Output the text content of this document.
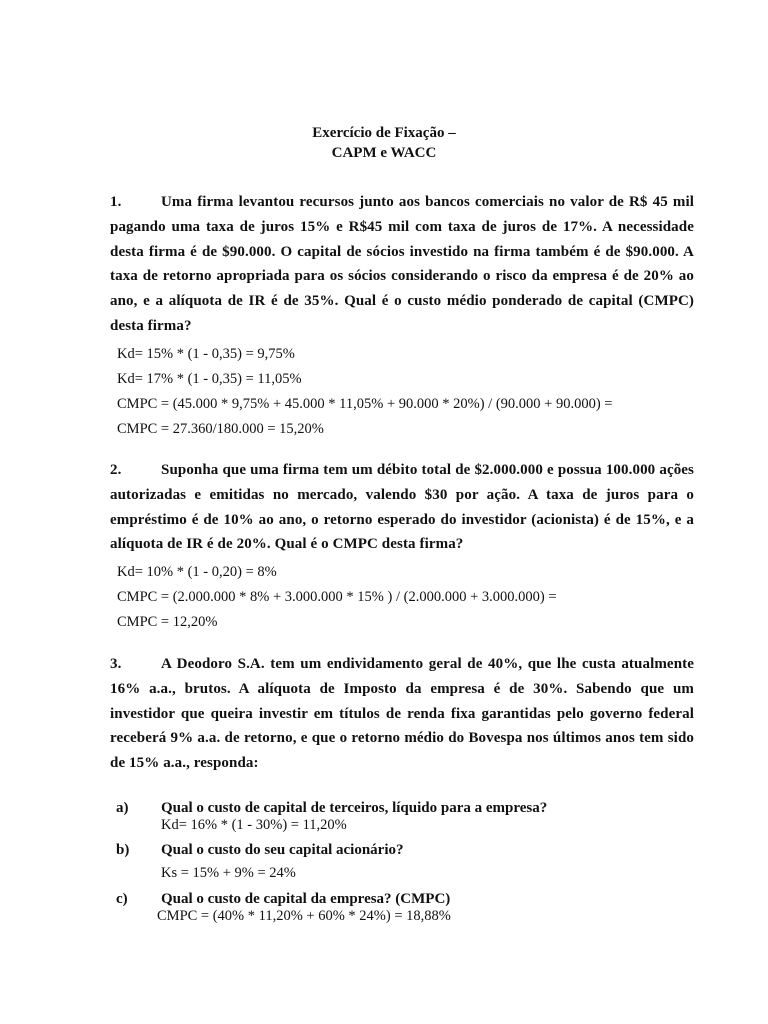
Exercício de Fixação –
CAPM e WACC
1.	Uma firma levantou recursos junto aos bancos comerciais no valor de R$ 45 mil pagando uma taxa de juros 15% e R$45 mil com taxa de juros de 17%. A necessidade desta firma é de $90.000. O capital de sócios investido na firma também é de $90.000. A taxa de retorno apropriada para os sócios considerando o risco da empresa é de 20% ao ano, e a alíquota de IR é de 35%. Qual é o custo médio ponderado de capital (CMPC) desta firma?
Kd= 15% * (1 - 0,35) = 9,75%
Kd= 17% * (1 - 0,35) = 11,05%
CMPC = (45.000 * 9,75% + 45.000 * 11,05% + 90.000 * 20%) / (90.000 + 90.000) =
CMPC = 27.360/180.000 = 15,20%
2.	Suponha que uma firma tem um débito total de $2.000.000 e possua 100.000 ações autorizadas e emitidas no mercado, valendo $30 por ação. A taxa de juros para o empréstimo é de 10% ao ano, o retorno esperado do investidor (acionista) é de 15%, e a alíquota de IR é de 20%. Qual é o CMPC desta firma?
Kd= 10% * (1 - 0,20) = 8%
CMPC = (2.000.000 * 8% + 3.000.000 * 15% ) / (2.000.000 + 3.000.000) =
CMPC = 12,20%
3.	A Deodoro S.A. tem um endividamento geral de 40%, que lhe custa atualmente 16% a.a., brutos. A alíquota de Imposto da empresa é de 30%. Sabendo que um investidor que queira investir em títulos de renda fixa garantidas pelo governo federal receberá 9% a.a. de retorno, e que o retorno médio do Bovespa nos últimos anos tem sido de 15% a.a., responda:
a) Qual o custo de capital de terceiros, líquido para a empresa?
Kd= 16% * (1 - 30%) = 11,20%
b) Qual o custo do seu capital acionário?
Ks = 15% + 9% = 24%
c) Qual o custo de capital da empresa? (CMPC)
CMPC = (40% * 11,20% + 60% * 24%) = 18,88%
